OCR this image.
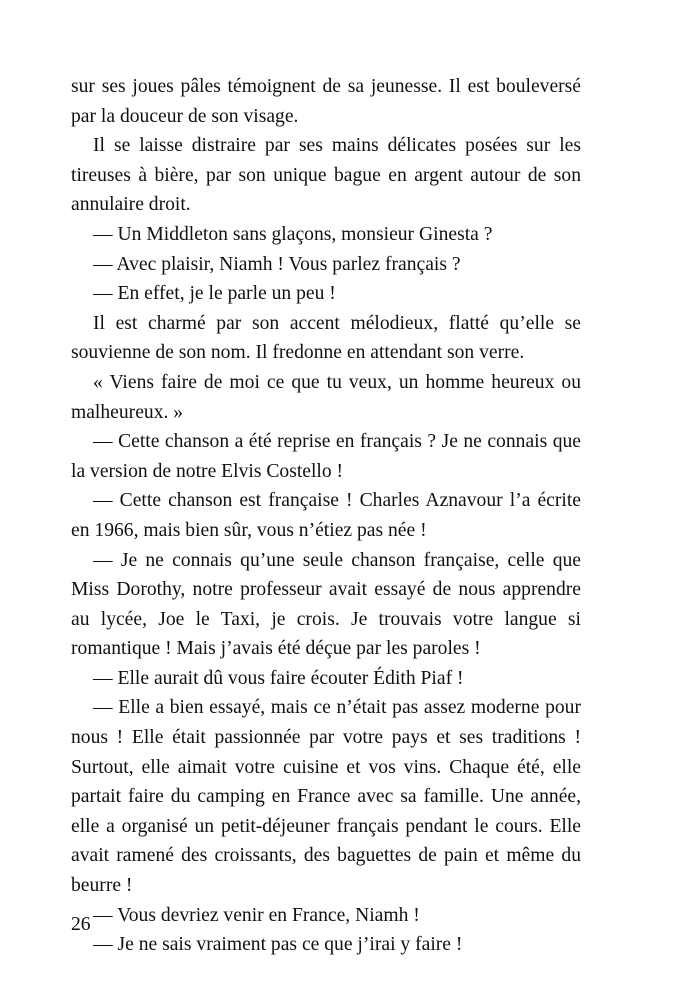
sur ses joues pâles témoignent de sa jeunesse. Il est bouleversé par la douceur de son visage.

Il se laisse distraire par ses mains délicates posées sur les tireuses à bière, par son unique bague en argent autour de son annulaire droit.

— Un Middleton sans glaçons, monsieur Ginesta ?

— Avec plaisir, Niamh ! Vous parlez français ?

— En effet, je le parle un peu !

Il est charmé par son accent mélodieux, flatté qu’elle se souvienne de son nom. Il fredonne en attendant son verre.

« Viens faire de moi ce que tu veux, un homme heureux ou malheureux. »

— Cette chanson a été reprise en français ? Je ne connais que la version de notre Elvis Costello !

— Cette chanson est française ! Charles Aznavour l’a écrite en 1966, mais bien sûr, vous n’étiez pas née !

— Je ne connais qu’une seule chanson française, celle que Miss Dorothy, notre professeur avait essayé de nous apprendre au lycée, Joe le Taxi, je crois. Je trouvais votre langue si romantique ! Mais j’avais été déçue par les paroles !

— Elle aurait dû vous faire écouter Édith Piaf !

— Elle a bien essayé, mais ce n’était pas assez moderne pour nous ! Elle était passionnée par votre pays et ses traditions ! Surtout, elle aimait votre cuisine et vos vins. Chaque été, elle partait faire du camping en France avec sa famille. Une année, elle a organisé un petit-déjeuner français pendant le cours. Elle avait ramené des croissants, des baguettes de pain et même du beurre !

— Vous devriez venir en France, Niamh !

— Je ne sais vraiment pas ce que j’irai y faire !

26
